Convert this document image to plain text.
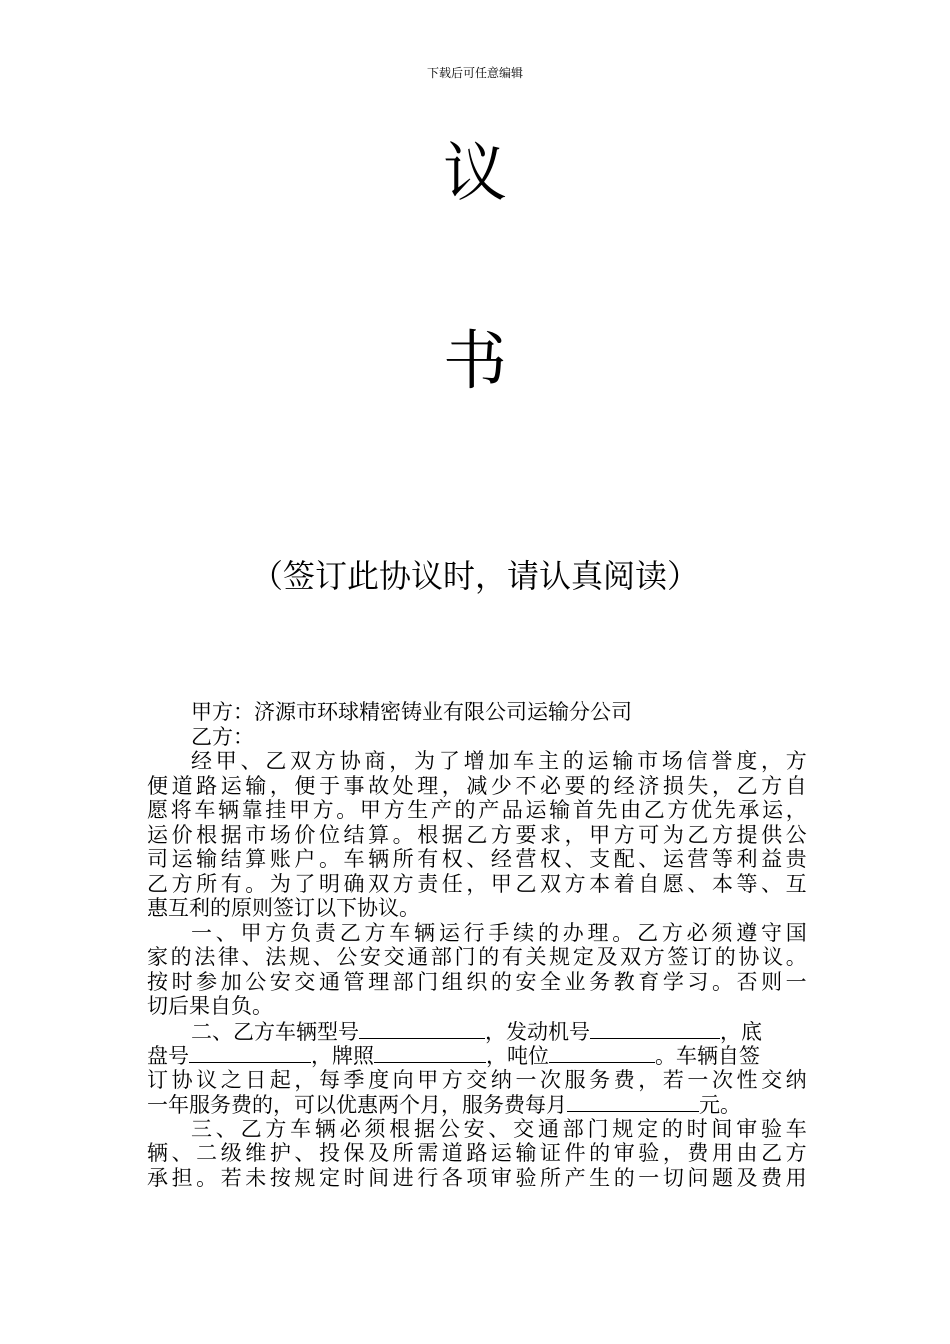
下载后可任意编辑
议
书
（签订此协议时，请认真阅读）
甲方：济源市环球精密铸业有限公司运输分公司
乙方：
经 甲 、 乙 双 方 协 商 ， 为 了 增 加 车 主 的 运 输 市 场 信 誉 度 ， 方
便 道 路 运 输 ， 便 于 事 故 处 理 ， 减 少 不 必 要 的 经 济 损 失 ， 乙 方 自
愿 将 车 辆 靠 挂 甲 方 。 甲 方 生 产 的 产 品 运 输 首 先 由 乙 方 优 先 承 运 ，
运 价 根 据 市 场 价 位 结 算 。 根 据 乙 方 要 求 ， 甲 方 可 为 乙 方 提 供 公
司 运 输 结 算 账 户 。 车 辆 所 有 权 、 经 营 权 、 支 配 、 运 营 等 利 益 贵
乙 方 所 有 。 为 了 明 确 双 方 责 任 ， 甲 乙 双 方 本 着 自 愿 、 本 等 、 互
惠互利的原则签订以下协议。
一 、 甲 方 负 责 乙 方 车 辆 运 行 手 续 的 办 理 。 乙 方 必 须 遵 守 国
家 的 法 律 、 法 规 、 公 安 交 通 部 门 的 有 关 规 定 及 双 方 签 订 的 协 议 。
按 时 参 加 公 安 交 通 管 理 部 门 组 织 的 安 全 业 务 教 育 学 习 。 否 则 一
切后果自负。
二、乙方车辆型号	，发动机号	，底
盘号	，牌照	，吨位	。车辆自签
订 协 议 之 日 起 ， 每 季 度 向 甲 方 交 纳 一 次 服 务 费 ， 若 一 次 性 交 纳
一年服务费的，可以优惠两个月，服务费每月	元。
三 、 乙 方 车 辆 必 须 根 据 公 安 、 交 通 部 门 规 定 的 时 间 审 验 车
辆 、 二 级 维 护 、 投 保 及 所 需 道 路 运 输 证 件 的 审 验 ， 费 用 由 乙 方
承 担 。 若 未 按 规 定 时 间 进 行 各 项 审 验 所 产 生 的 一 切 问 题 及 费 用
